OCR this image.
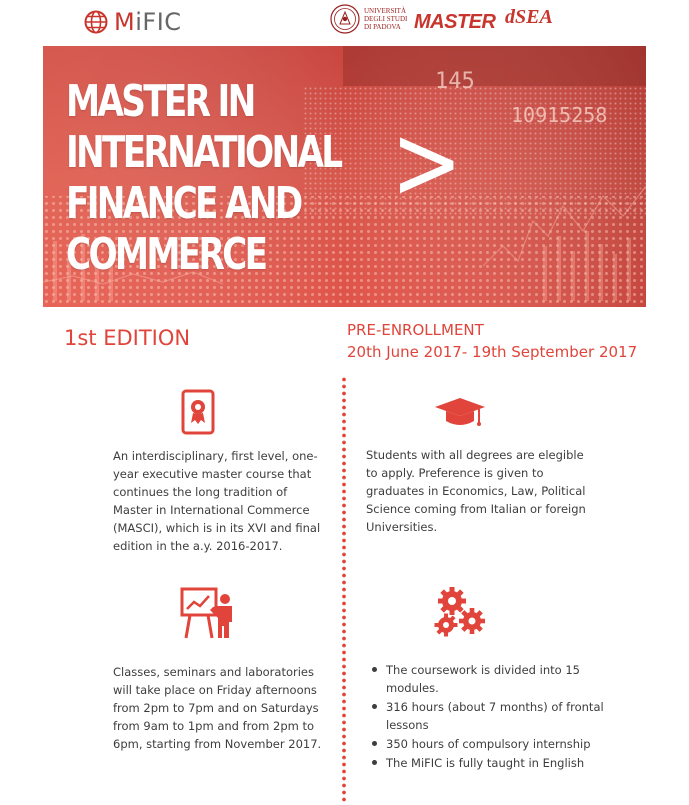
MiFIC	UNIVERSITÀ
DEGLI STUDI
DI PADOVA
MASTER dSEA

145
10915258
>
MASTER IN
INTERNATIONAL
FINANCE AND
COMMERCE
1st EDITION	PRE-ENROLLMENT
20th June 2017- 19th September 2017
An interdisciplinary, first level, one-year executive master course that continues the long tradition of Master in International Commerce (MASCI), which is in its XVI and final edition in the a.y. 2016-2017.
Students with all degrees are elegible to apply. Preference is given to graduates in Economics, Law, Political Science coming from Italian or foreign Universities.
Classes, seminars and laboratories will take place on Friday afternoons from 2pm to 7pm and on Saturdays from 9am to 1pm and from 2pm to 6pm, starting from November 2017.
The coursework is divided into 15 modules.
316 hours (about 7 months) of frontal lessons
350 hours of compulsory internship
The MiFIC is fully taught in English
